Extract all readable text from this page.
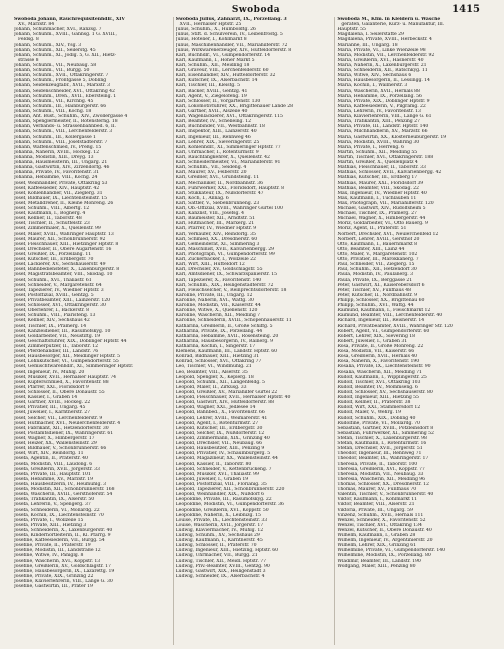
Swoboda	1415
Swoboda Johann, Rauchrequisitenhdlr., XIV
XV., Märzstr. 84
Johann, Schuhmacher, XVI., Ranzsg. 7
Johann, Schuhm., XVIII., Gähnsg. 1 G. XVIII.,
Feldsg. 8
Johann, Schuhm., XIV., Ysg. 3
Johann, Schuhm., XII., Seilerstg. 45
Johann, Schuhm., XI., Jodlg. 5, G. XII., Hietz-
strasse 8
Johann, Schuhm., VII., Neubaug. 58
Johann, Schuhm., VII., Burgg. 50
Johann, Schuhm., XVII., Ottakringerstr. 7
Johann, Schuhm., Frontgasse 5, Döbling
Johann, Seidenzeugfabr., XVII., Marxstr. 3
Johann, Seidenschneider, XVI., Ottakring 42
Johann, Schuhm., Dreh., XVII., Ebersteing. 1
Johann, Schuhm., VII., Kirchbg. 45
Johann, Schuhm., III., Hainburgerstr. 66
Johann, Schuhm., VIII., Kochg. 18
Johann, Ant. Bust., Schuhm., XIV., Zwöllergasse 4
Johann, Spenglermeister, II., Rotensterng. 18
Johann, Verbands- u. Strassenbahnbed. 6, II.
Johann, Schuhm., VIII., Lerchenfelderstr. 3
Johann, Schuhm., III., Kollergasse 1
Johann, Schuhm., VIII., Josefstädterstr. 7
Johann, Waffenschmied, IV., Preßg. 15
Johanna, Näherin, XVIII., Hockeg. 12
Johanna, Modistin, XIII., Dreyg. 13
Johanna, Hausmeisterin, III., Ungarg. 21
Johanna, Gastwirtin, XIV., Zirzendorfg. 46
Johanna, Private, IV., Favoritenstr. 31
Johanna, Hebamme, VIII., Kochg. 24
Josef, Weinhändler, Private, Ottakring 53
Josef, Kaffeesieder, XIV., Hauptstr. 42
Josef, Kohlenhändler, VII., Zieglerg. 31
Josef, Bildhauer, IX., Liechtensteinstr. 15
Josef, Metalldreher, II., Kleine Mohreng. 26
Josef, Schuhm., VIII., Albertg. 12
Josef, Kaufmann, I., Bognerg. 4
Josef, Kellner, II., Taborstr. 48
Josef, Tischler, II., Schüttelstr. 23
Josef, Zimmermaler, X., Quellenstr. 99
Josef, Maler, XVIII., Währinger Hauptstr. 13
Josef, Maurer, XII., Schönbrunnerstr. 92
Josef, Fleischhauer, XIII., Hietzinger Hptstr. 8
Josef, Drechsler, II., Obere Augartenstr. 16
Josef, Greißler, IX., Porzellang. 11
Josef, Kutscher, III., Erdbergstr. 70
Josef, Lackierer, XV., Sechshauserstr. 49
Josef, Bahnbediensteter, X., Laxenburgerstr. 8
Josef, Magistratsbeamter, VIII., Skodag. 10
Josef, Schuhm., XVI., Thaliastr. 61
Josef, Schneider, V., Margaretenstr. 64
Josef, Tapezierer, IV., Wiedner Hptstr. 3
Josef, Postoffizial, XVIII., Gentzg. 5
Josef, Privatbeamter, XIII., Lainzerstr. 120
Josef, Schlosser, XVI., Ottakringerstr. 30
Josef, Oberlehrer, I., Bäckerstr. 8
Josef, Schuhm., VIII., Piaristeng. 13
Josef, Kellner, XIV., Sechshaus 42
Josef, Tischler, IX., Pramerg. 14
Josef, Kanzleidiener, III., Rasumofskyg. 10
Josef, Goldarbeiter, VII., Neustiftg. 19
Josef, Geschäftsführer, XIX., Döblinger Hptstr. 44
Josef, Zimmerputzer, II., Taborstr. 12
Josef, Pferdehändler, III., Landstr. 76
Josef, Hausbesorger, XII., Meidlinger Hptstr. 5
Josef, Lohnkutscher, VI., Gumpendorferstr. 55
Josef, Gemischtwarenhdlr., XI., Simmeringer Hptstr.
Josef, Ingenieur, IV., Mühlg. 20
Josef, Musiker, XVII., Hernalser Hauptstr. 74
Josef, Kupferschmied, X., Favoritenstr. 88
Josef, Pfarrer, XXI., Floridsdorf 9
Josef, Schlosser, II., Obere Donaustr. 55
Josef, Kassier, I., Graben 14
Josef, Gärtner, XVIII., Hockeg. 22
Josef, Privatier, III., Ungarg. 45
Josef, Juwelier, I., Kärntnerstr. 27
Josef, Selcher, VII., Lerchenfelderstr. 9
Josef, Hutmacher, XVI., Neulerchenfelderstr. 4
Josef, Fabrikant, XII., Hetzendorferstr. 30
Josef, Postamtsdiener, IX., Währingerstr. 61
Josef, Wagner, X., Himbergerstr. 17
Josef, Heizer, XX., Wallensteinstr. 29
Josef, Bildhauer, V., Schönbrunnerstr. 66
Josef, Wirt, XIV., Reindorfg. 11
Josefa, Agentin, II., Praterstr. 40
Josefa, Modistin, VIII., Laudong. 6
Josefa, Greißlerin, XVII., Jörgerstr. 33
Josefa, Private, III., Hauptstr. 101
Josefa, Hebamme, XV., Märzstr. 19
Josefa, Hausbesitzerin, IV., Heumühlg. 3
Josefa, Modistin, XII., Schönbrunnerstr. 168
Josefa, Wäscherin, XVIII., Gersthoferstr. 54
Josefa, Trafikantin, IX., Alserstr. 50
Josefa, Lehrerin, V., Spengerg. 37
Josefa, Schneiderin, VI., Mollardg. 22
Josefa, Köchin, IX., Liechtensteinstr. 70
Josefa, Private, I., Wollzeile 15
Josefa, Private, XIII., Hietzing 3
Josefa, Schneiderin, X., Laxenburgerstr. 40
Josefa, Kinderhortleiterin, II., Kl. Pfarrg. 9
Josefine, Kaffeesiederin, VII., Burgg. 54
Josefine, Private, II., Praterstr. 19
Josefine, Modistin, III., Landstraße 12
Josefine, Witwe, IV., Paniglg. 8
Josefine, Wäscherin, XVI., Koppstr. 13
Josefine, Greißlerin, XV., Goldschlagstr. 17
Josefine, Hausbesorgerin, IX., Lazarettg. 19
Josefine, Private, XIX., Grinzing 22
Josefine, Klavierlehrerin, VIII., Lange G. 30
Josefine, Gastwirtin, III., Prater 19
Swoboda Julius, Zahnarzt, IX., Porzellang. 3
XVII., Hernalser Hptstr. 25
Julius, Schuhm., X., Humboldtg. 26
Julius, Stift. d. Schulverein, IV., Leibenfrostg. 5
Julius, Hotelier, I., Kohlmarkt 8
Julius, Maschinenhändler, VII., Mariahilferstr. 72
Julius, Wirkwarenerzeuger, XIV., Hütteldorferstr. 8
Karl, Buchhdlr., VI., Gumpendorferstr. 14
Karl, Kaufmann, I., Hoher Markt 5
Karl, Schuhm., XII., Meidling 18
Karl, Graveur, VIII., Lerchenfelderstr. 60
Karl, Eisenhändler, XIV., Hütteldorferstr. 32
Karl, Kutscher, IX., Alserbachstr. 14
Karl, Tischler, III., Kleistg. 5
Karl, Bäcker, XVIII., Gentzg. 41
Karl, Agent, V., Ziegelofeng. 19
Karl, Schlosser, II., Vorgartenstr. 130
Karl, Lokomotivführer, XX., Brigittenauer Lände 28
Karl, Gärtner, XVII., Alszeile 40
Karl, Wagenlackierer, XVI., Ottakringerstr. 115
Karl, Beamter, IV., Schelleing. 12
Karl, Buchbinder, VII., Westbahnstr. 18
Karl, Inspektor, XIII., Lainzerstr. 40
Karl, Ingenieur, III., Rennweg 46
Karl, Lehrer, XIX., Sieveringerstr. 25
Karl, Kohlenhdlr., XI., Simmeringer Hptstr. 77
Karl, Uhrmacher, I., Rotenturmstr. 9
Karl, Rauchfangkehrer, X., Quellenstr. 42
Karl, Schneidermeister, VI., Mariahilferstr. 91
Karl, Schuhm., VII., Seideng. 4
Karl, Maurer, XV., Felberstr. 20
Karl, Greißler, XVI., Grundsteing. 11
Karl, Mechaniker, II., Nordbahnstr. 36
Karl, Fuhrwerker, XXI., Floridsdorf, Hauptstr. 8
Karl, Stukkateur, IX., Nußdorferstr. 47
Karl, Koch, I., Annag. 6
Karl, Sattler, V., Siebenbrunneng. 23
Karl, Ob.-Offizial, XVIII., Währinger Gürtel 100
Karl, Kanzlist, VIII., Josefsg. 4
Karl, Baumeister, XII., Arndtstr. 51
Karl, Hutmacher, III., Marxerg. 21
Karl, Pfarrer, IV., Wiedner Hptstr. 9
Karl, Verkäufer, XIV., Reindorfg. 35
Karl, Schmied, XX., Dresdnerstr. 60
Karl, Gemeinderat, XI., Simmering 3
Karl, Maschinist, XVII., Kalvarienbergg. 29
Karl, Photograph, VI., Gumpendorferstr. 99
Karl, Zuckerbäcker, I., Wollzeile 22
Karl, Wirt, XIII., Hütteldorf 12
Karl, Drechsler, XV., Goldschlagstr. 55
Karl, Amtsdiener, IX., Schwarzspanierstr. 15
Karl, Tapezierer, X., Favoritenstr. 140
Karl, Schuhm., XIX., Heiligenstädterstr. 72
Karl, Fleischselcher, V., Reinprechtsdorferstr. 18
Karoline, Private, III., Ungarg. 12
Karoline, Näherin, XVI., Wattg. 30
Karoline, Modistin, VII., Kaiserstr. 44
Karoline, Witwe, X., Quellenstr. 120
Karoline, Wäscherin, XII., Meidling 7
Karoline, Schneiderin, XVIII., Schopenhauerstr. 11
Katharina, Greißlerin, II., Große Schiffg. 5
Katharina, Private, IX., Porzellang. 44
Katharina, Hebamme, XVII., Rosensteing. 20
Katharina, Hausbesorgerin, IV., Rainerg. 9
Katharina, Köchin, I., Singerstr. 17
Klemens, Kaufmann, III., Landstr. Hptstr. 60
Konrad, Bildhauer, XIII., Hietzing 31
Konrad, Schlosser, XVI., Ottakring 77
Leo, Tischler, VI., Windmühlg. 21
Leo, Beamter, VIII., Alserstr. 35
Leopold, Spengler, X., Keplerg. 18
Leopold, Schuhm., XII., Längenfeldg. 5
Leopold, Maler, II., Zirkusg. 33
Leopold, Greißler, XV., Mariahilfer Gürtel 22
Leopold, Fleischhauer, XVII., Hernalser Hptstr. 40
Leopold, Gastwirt, XIV., Hütteldorferstr. 88
Leopold, Wagner, XXI., Jedlesee 14
Leopold, Bahnbed., X., Favoritenstr. 66
Leopold, Lehrer, XVIII., Weimarerstr. 41
Leopold, Agent, I., Rotenturmstr. 27
Leopold, Kutscher, III., Erdbergstr. 30
Leopold, Selcher, IX., Nußdorferstr. 12
Leopold, Zimmermann, XIX., Grinzing 40
Leopold, Drechsler, VII., Neubaug. 66
Leopold, Hausbesitzer, XIII., Penzing 9
Leopold, Privatier, IV., Schaumburgerg. 5
Leopold, Magazineur, XX., Wallensteinstr. 44
Leopold, Kassier, II., Taborstr. 80
Leopold, Schneider, V., Kettenbrückeng. 7
Leopold, Musiker, XVI., Thaliastr. 99
Leopold, Juwelier, I., Graben 19
Leopold, Postoffizial, VIII., Florianig. 35
Leopold, Tapezierer, XII., Schönbrunnerstr. 220
Leopold, Weinhändler, XIX., Nußdorf 6
Leopoldine, Private, III., Rasumofskyg. 22
Leopoldine, Modistin, VI., Gumpendorferstr. 36
Leopoldine, Greißlerin, XVI., Koppstr. 50
Leopoldine, Näherin, X., Leibnizg. 15
Louise, Private, IX., Liechtensteinstr. 33
Louise, Wäscherin, XVII., Jörgerstr. 17
Ludwig, Klaviermacher, IV., Mühlg. 12
Ludwig, Schuhm., XV., Sechshaus 29
Ludwig, Kaufmann, I., Kärntnerstr. 45
Ludwig, Schlosser, II., Praterstr. 70
Ludwig, Ingenieur, XIII., Hietzing, Hptstr. 60
Ludwig, Uhrmacher, VII., Burgg. 21
Ludwig, Tischler, XII., Meidl. Hptstr. 77
Ludwig, Priv.-Beamter, XVIII., Gentzg. 90
Ludwig, Gastwirt, XIX., Heiligenstadt 3
Ludwig, Schneider, IX., Alserbachstr. 4
Swoboda M., Kfm. in Kleidern u. Wäsche
geräten, Galanterie, Kurz- u. Manufaktur, III.
Hauptstr. 55
Magdalena, I. Seilerstätte 29
Magdalena, Private, XVIII., Herbeckstr. 4
Marianne, III., Ungarg. 18
Maria, Private, VI., Linke Wienzeile 98
Maria, Modistin, VII., Lerchenfelderstr. 92
Maria, Greißlerin, XVI., Hasnerstr. 40
Maria, Näherin, X., Laxenburgerstr. 21
Maria, Schneiderin, XII., Ratschkyg. 11
Maria, Witwe, XIV., Sechshaus 6
Maria, Hausbesorgerin, II., Lessingg. 14
Maria, Köchin, I., Wallnerstr. 3
Maria, Wäscherin, XVII., Hernals 88
Maria, Hebamme, IX., Porzellang. 56
Maria, Private, XIX., Döblinger Hptstr. 9
Maria, Kaffeesiederin, V., Pilgramg. 22
Maria, Lehrerin, IV., Favoritenstr. 13
Maria, Klavierlehrerin, VIII., Lange G. 61
Maria, Trafikantin, XIII., Penzing 27
Maria, Private, III., Landstr. Hptstr. 140
Maria, Milchhändlerin, XV., Märzstr. 66
Maria, Gastwirtin, XX., Klosterneuburgerstr. 19
Maria, Modistin, XVIII., Währing 30
Maria, Private, I., Herreng. 6
Martin, Schuhm., XII., Meidling 55
Martin, Tischler, XVI., Ottakringerstr. 188
Martin, Greißler, X., Quellenplatz 4
Mathias, Fleischhauer, II., Taborstr. 33
Mathias, Schlosser, XVII., Kalvarienbergg. 42
Mathias, Kutscher, III., Erdberg 17
Mathias, Maurer, XXI., Floridsdorf 39
Mathias, Beamter, VIII., Skodag. 22
Max, Ingenieur, IV., Wiedner Hptstr. 40
Max, Kaufmann, I., Tuchlauben 11
Max, Photograph, VII., Mariahilferstr. 120
Michael, Gastwirt, XIV., Rudolfsheim 5
Michael, Tischler, IX., Pramerg. 27
Michael, Wagner, X., Himbergerstr. 44
Moriz, Goldarbeiter, VI., Otto Bauerg. 9
Moriz, Agent, II., Praterstr. 51
Norbert, Drechsler, XVI., Neulerchenfeld 12
Norbert, Lehrer, XVIII., Gersthof 20
Otto, Kaufmann, I., Bauernmarkt 8
Otto, Beamter, XIII., Lainz 44
Otto, Maler, V., Margaretenstr. 102
Otto, Privatier, III., Marokkanerg. 7
Paul, Schneider, VII., Zieglerg. 15
Paul, Schuhm., XII., Hetzendorf 30
Paula, Modistin, IV., Paulanerg. 3
Paula, Private, IX., Berggasse 21
Peter, Gastwirt, XI., Kaiserebersdorf 6
Peter, Tischler, XV., Fünfhaus 48
Peter, Kutscher, II., Nordbahnstr. 9
Philipp, Schlosser, XX., Brigittenau 60
Philipp, Schuhm., XVI., Wattg. 44
Raimund, Kaufmann, I., Fleischmarkt 12
Raimund, Beamter, VIII., Lerchenfelderstr. 40
Richard, Ingenieur, III., Reisnerstr. 14
Richard, Privatbeamter, XVIII., Währinger Str. 120
Robert, Agent, VI., Gumpendorferstr. 60
Robert, Lehrer, XIX., Sievering 18
Robert, Juwelier, I., Graben 31
Rosa, Private, II., Große Mohreng. 22
Rosa, Modistin, VII., Kaiserstr. 66
Rosa, Greißlerin, XVII., Hernals 40
Rosa, Näherin, X., Favoritenstr. 190
Rosalia, Private, IX., Liechtensteinstr. 90
Rosalia, Wäscherin, XII., Meidling 71
Rudolf, Kaufmann, I., Wipplingerstr. 25
Rudolf, Tischler, XVI., Ottakring 103
Rudolf, Beamter, IV., Mommseng. 6
Rudolf, Schlosser, XV., Sechshauserstr. 80
Rudolf, Ingenieur, XIII., Hietzing 55
Rudolf, Kellner, II., Praterstr. 38
Rudolf, Wirt, XXI., Stammersdorf 12
Rudolf, Maler, V., Wehrg. 19
Rudolf, Schuhm., XIX., Döbling 40
Rudolfine, Private, VI., Mollardg. 70
Sebastian, Gärtner, XVIII., Pötzleinsdorf 8
Sebastian, Fuhrwerker, XI., Simmering 52
Stefan, Tischler, X., Laxenburgerstr. 98
Stefan, Kaufmann, I., Rotenturmstr. 16
Stefan, Drechsler, XVII., Jörgerstr. 51
Theodor, Ingenieur, III., Rennweg 71
Theodor, Beamter, IX., Währingerstr. 17
Theresia, Private, II., Taborstr. 100
Theresia, Greißlerin, XVI., Koppstr. 77
Theresia, Modistin, VII., Neubaug. 33
Theresia, Wäscherin, XII., Meidling 96
Thomas, Schlosser, XX., Dresdnerstr. 12
Thomas, Maurer, XV., Fünfhaus 70
Valentin, Tischler, V., Schönbrunnerstr. 40
Viktor, Kaufmann, I., Kohlmarkt 11
Viktor, Beamter, VIII., Alserstr. 21
Viktoria, Private, III., Ungarg. 59
Vinzenz, Schuhm., XVII., Hernals 111
Wenzel, Schneider, X., Favoritenstr. 52
Wenzel, Tischler, XVI., Ottakring 134
Wenzel, Kutscher, II., Obere Donaustr. 40
Wilhelm, Kaufmann, I., Graben 28
Wilhelm, Ingenieur, IV., Argentinierstr. 20
Wilhelm, Lehrer, XIX., Grinzing 61
Wilhelmine, Private, VI., Gumpendorferstr. 140
Wilhelmine, Modistin, IX., Porzellang. 80
Wladimir, Beamter, III., Landstr. 190
Wolfgang, Maler, XIII., Penzing 80
